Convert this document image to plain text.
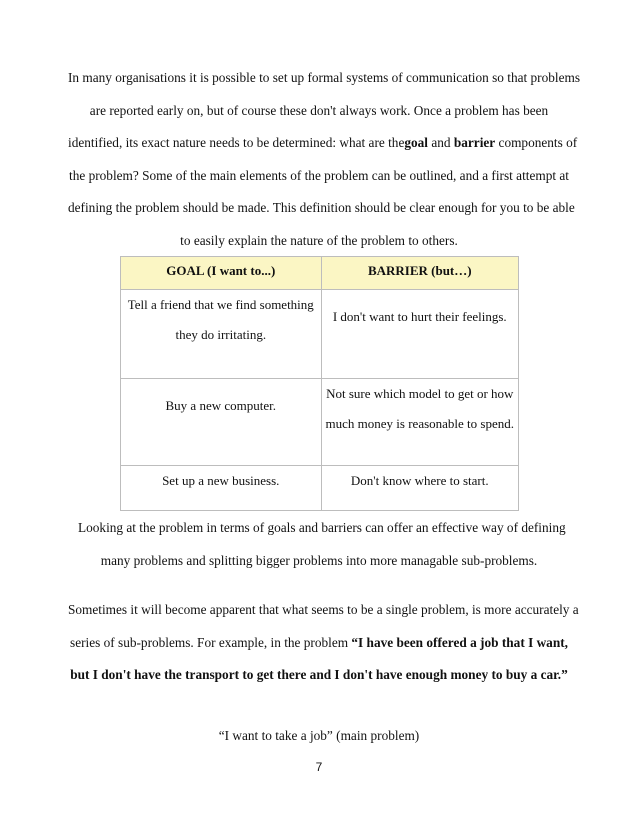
In many organisations it is possible to set up formal systems of communication so that problems
are reported early on, but of course these don't always work. Once a problem has been
identified, its exact nature needs to be determined: what are thegoal and barrier components of
the problem? Some of the main elements of the problem can be outlined, and a first attempt at
defining the problem should be made. This definition should be clear enough for you to be able
to easily explain the nature of the problem to others.

GOAL (I want to...)	BARRIER (but…)

Tell a friend that we find something
they do irritating.	I don't want to hurt their feelings.

Buy a new computer.	Not sure which model to get or how
much money is reasonable to spend.

Set up a new business.	Don't know where to start.

Looking at the problem in terms of goals and barriers can offer an effective way of defining
many problems and splitting bigger problems into more managable sub-problems.

Sometimes it will become apparent that what seems to be a single problem, is more accurately a
series of sub-problems. For example, in the problem “I have been offered a job that I want,
but I don't have the transport to get there and I don't have enough money to buy a car.”

“I want to take a job” (main problem)

7
